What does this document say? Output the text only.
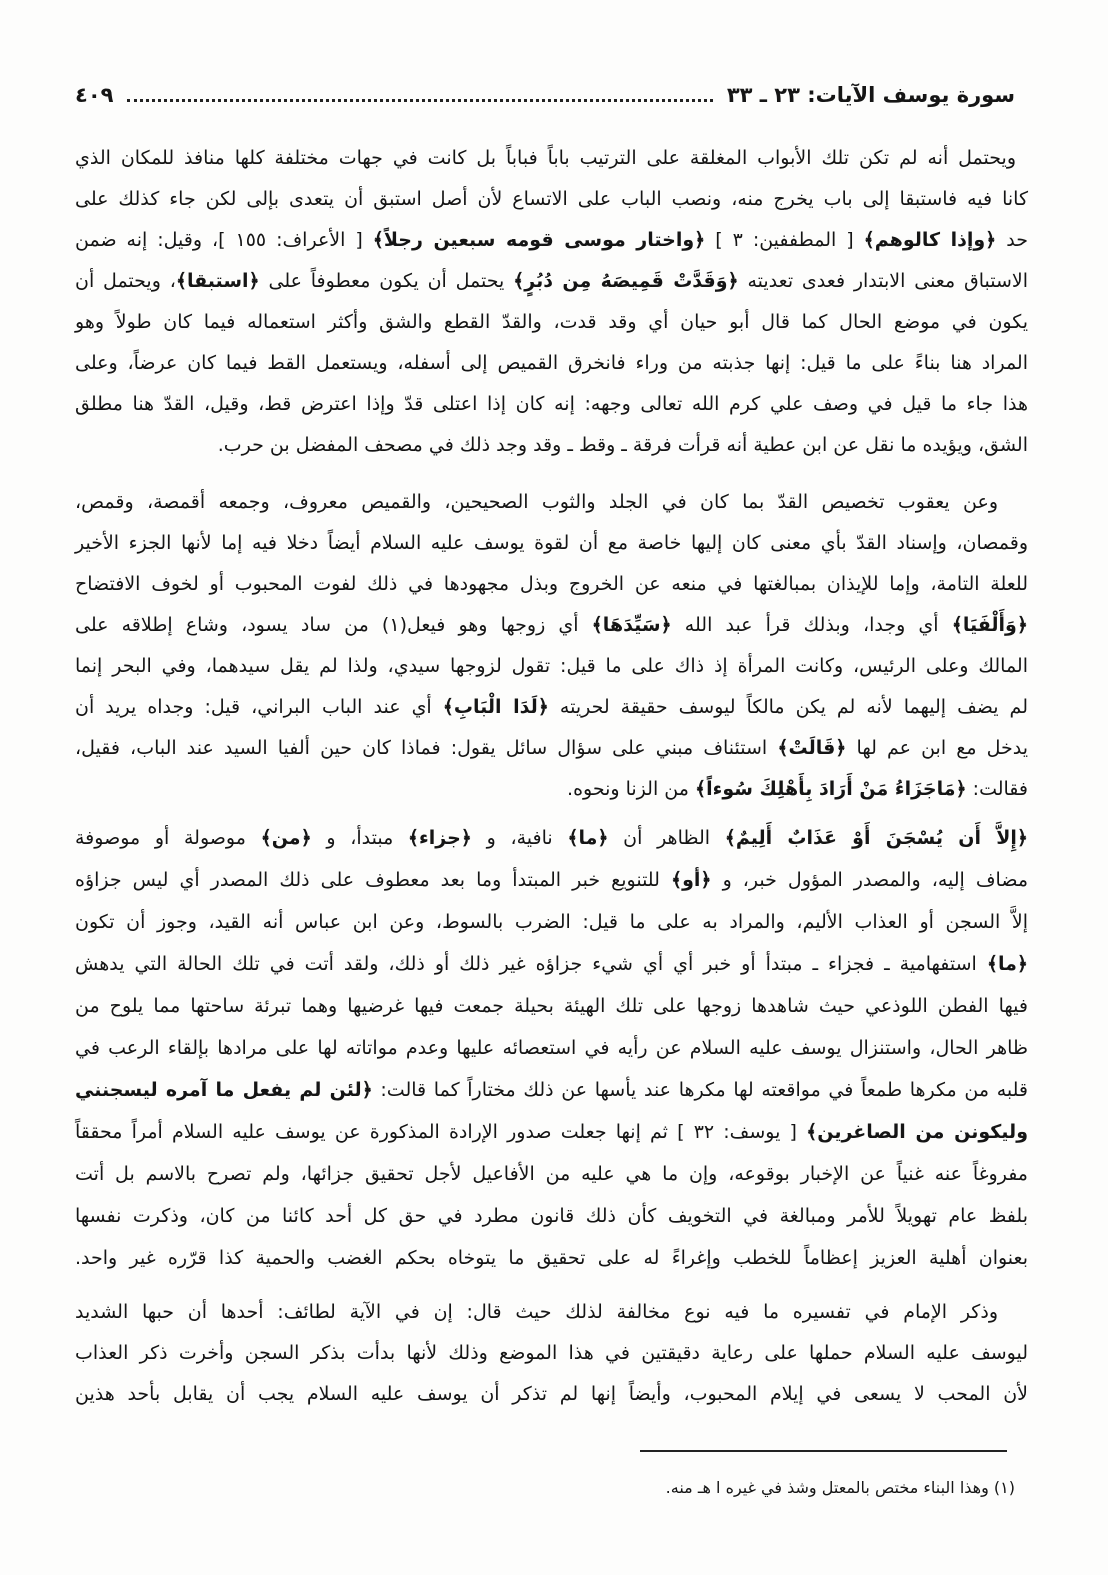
سورة يوسف الآيات: ٢٣ ـ ٣٣
٤٠٩
ويحتمل أنه لم تكن تلك الأبواب المغلقة على الترتيب باباً فباباً بل كانت في جهات مختلفة كلها منافذ للمكان الذي
كانا فيه فاستبقا إلى باب يخرج منه، ونصب الباب على الاتساع لأن أصل استبق أن يتعدى بإلى لكن جاء كذلك على
حد ﴿وإذا كالوهم﴾ [ المطففين: ٣ ] ﴿واختار موسى قومه سبعين رجلاً﴾ [ الأعراف: ١٥٥ ]، وقيل: إنه ضمن
الاستباق معنى الابتدار فعدى تعديته ﴿وَقَدَّتْ قَمِيصَهُ مِن دُبُرٍ﴾ يحتمل أن يكون معطوفاً على ﴿استبقا﴾، ويحتمل أن
يكون في موضع الحال كما قال أبو حيان أي وقد قدت، والقدّ القطع والشق وأكثر استعماله فيما كان طولاً وهو
المراد هنا بناءً على ما قيل: إنها جذبته من وراء فانخرق القميص إلى أسفله، ويستعمل القط فيما كان عرضاً، وعلى
هذا جاء ما قيل في وصف علي كرم الله تعالى وجهه: إنه كان إذا اعتلى قدّ وإذا اعترض قط، وقيل، القدّ هنا مطلق
الشق، ويؤيده ما نقل عن ابن عطية أنه قرأت فرقة ـ وقط ـ وقد وجد ذلك في مصحف المفضل بن حرب.
وعن يعقوب تخصيص القدّ بما كان في الجلد والثوب الصحيحين، والقميص معروف، وجمعه أقمصة، وقمص،
وقمصان، وإسناد القدّ بأي معنى كان إليها خاصة مع أن لقوة يوسف عليه السلام أيضاً دخلا فيه إما لأنها الجزء الأخير
للعلة التامة، وإما للإيذان بمبالغتها في منعه عن الخروج وبذل مجهودها في ذلك لفوت المحبوب أو لخوف الافتضاح
﴿وَأَلْفَيَا﴾ أي وجدا، وبذلك قرأ عبد الله ﴿سَيِّدَهَا﴾ أي زوجها وهو فيعل(١) من ساد يسود، وشاع إطلاقه على
المالك وعلى الرئيس، وكانت المرأة إذ ذاك على ما قيل: تقول لزوجها سيدي، ولذا لم يقل سيدهما، وفي البحر إنما
لم يضف إليهما لأنه لم يكن مالكاً ليوسف حقيقة لحريته ﴿لَدَا الْبَابِ﴾ أي عند الباب البراني، قيل: وجداه يريد أن
يدخل مع ابن عم لها ﴿قَالَتْ﴾ استئناف مبني على سؤال سائل يقول: فماذا كان حين ألفيا السيد عند الباب، فقيل،
فقالت: ﴿مَاجَزَاءُ مَنْ أَرَادَ بِأَهْلِكَ سُوءاً﴾ من الزنا ونحوه.
﴿إِلاَّ أَن يُسْجَنَ أَوْ عَذَابٌ أَلِيمٌ﴾ الظاهر أن ﴿ما﴾ نافية، و ﴿جزاء﴾ مبتدأ، و ﴿من﴾ موصولة أو موصوفة
مضاف إليه، والمصدر المؤول خبر، و ﴿أو﴾ للتنويع خبر المبتدأ وما بعد معطوف على ذلك المصدر أي ليس جزاؤه
إلاَّ السجن أو العذاب الأليم، والمراد به على ما قيل: الضرب بالسوط، وعن ابن عباس أنه القيد، وجوز أن تكون
﴿ما﴾ استفهامية ـ فجزاء ـ مبتدأ أو خبر أي أي شيء جزاؤه غير ذلك أو ذلك، ولقد أتت في تلك الحالة التي يدهش
فيها الفطن اللوذعي حيث شاهدها زوجها على تلك الهيئة بحيلة جمعت فيها غرضيها وهما تبرئة ساحتها مما يلوح من
ظاهر الحال، واستنزال يوسف عليه السلام عن رأيه في استعصائه عليها وعدم مواتاته لها على مرادها بإلقاء الرعب في
قلبه من مكرها طمعاً في مواقعته لها مكرها عند يأسها عن ذلك مختاراً كما قالت: ﴿لئن لم يفعل ما آمره ليسجنني
وليكونن من الصاغرين﴾ [ يوسف: ٣٢ ] ثم إنها جعلت صدور الإرادة المذكورة عن يوسف عليه السلام أمراً محققاً
مفروغاً عنه غنياً عن الإخبار بوقوعه، وإن ما هي عليه من الأفاعيل لأجل تحقيق جزائها، ولم تصرح بالاسم بل أتت
بلفظ عام تهويلاً للأمر ومبالغة في التخويف كأن ذلك قانون مطرد في حق كل أحد كائنا من كان، وذكرت نفسها
بعنوان أهلية العزيز إعظاماً للخطب وإغراءً له على تحقيق ما يتوخاه بحكم الغضب والحمية كذا قرّره غير واحد.
وذكر الإمام في تفسيره ما فيه نوع مخالفة لذلك حيث قال: إن في الآية لطائف: أحدها أن حبها الشديد
ليوسف عليه السلام حملها على رعاية دقيقتين في هذا الموضع وذلك لأنها بدأت بذكر السجن وأخرت ذكر العذاب
لأن المحب لا يسعى في إيلام المحبوب، وأيضاً إنها لم تذكر أن يوسف عليه السلام يجب أن يقابل بأحد هذين
(١) وهذا البناء مختص بالمعتل وشذ في غيره ا هـ منه.
